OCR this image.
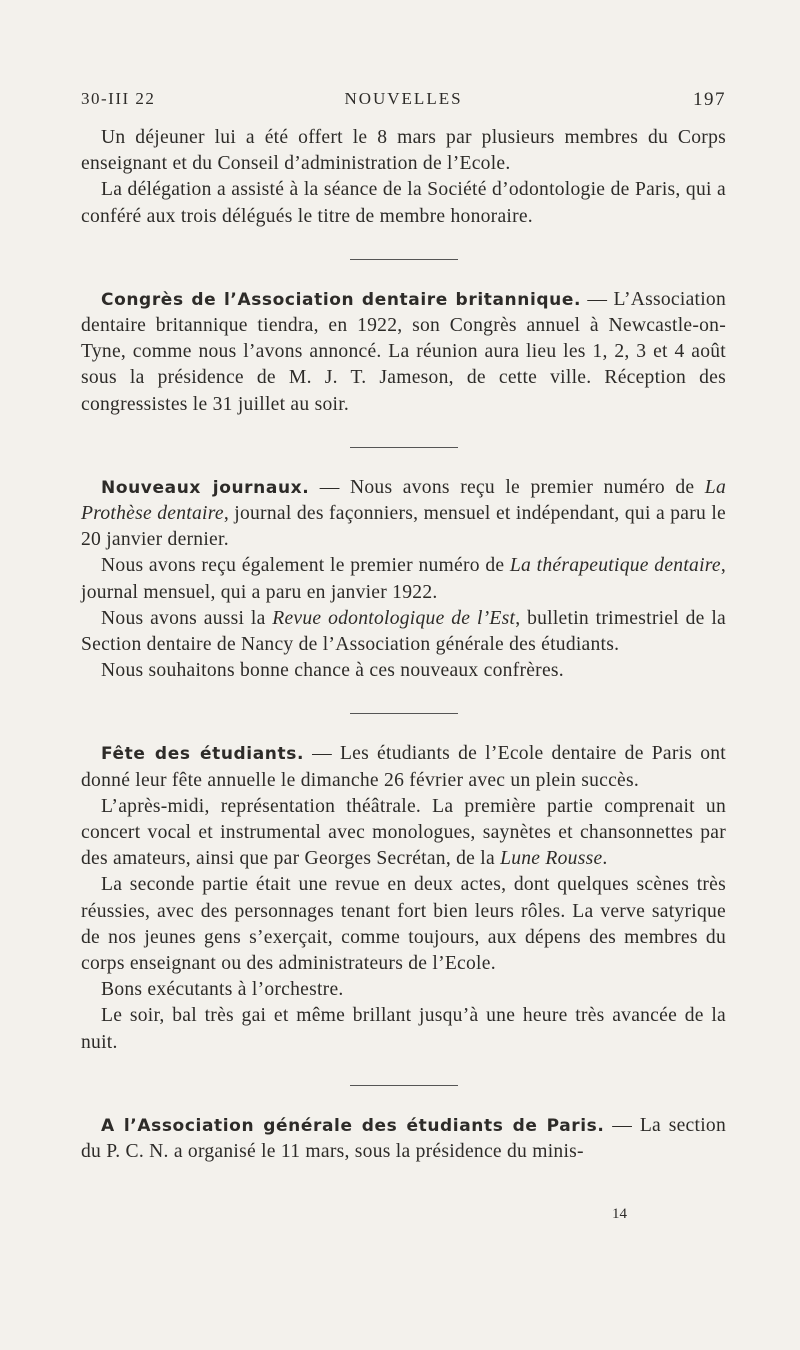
30-III 22	NOUVELLES	197

Un déjeuner lui a été offert le 8 mars par plusieurs membres du Corps enseignant et du Conseil d’administration de l’Ecole.

La délégation a assisté à la séance de la Société d’odontologie de Paris, qui a conféré aux trois délégués le titre de membre honoraire.

Congrès de l’Association dentaire britannique. — L’Association dentaire britannique tiendra, en 1922, son Congrès annuel à Newcastle-on-Tyne, comme nous l’avons annoncé. La réunion aura lieu les 1, 2, 3 et 4 août sous la présidence de M. J. T. Jameson, de cette ville. Réception des congressistes le 31 juillet au soir.

Nouveaux journaux. — Nous avons reçu le premier numéro de La Prothèse dentaire, journal des façonniers, mensuel et indépendant, qui a paru le 20 janvier dernier.

Nous avons reçu également le premier numéro de La thérapeutique dentaire, journal mensuel, qui a paru en janvier 1922.

Nous avons aussi la Revue odontologique de l’Est, bulletin trimestriel de la Section dentaire de Nancy de l’Association générale des étudiants.

Nous souhaitons bonne chance à ces nouveaux confrères.

Fête des étudiants. — Les étudiants de l’Ecole dentaire de Paris ont donné leur fête annuelle le dimanche 26 février avec un plein succès.

L’après-midi, représentation théâtrale. La première partie comprenait un concert vocal et instrumental avec monologues, saynètes et chansonnettes par des amateurs, ainsi que par Georges Secrétan, de la Lune Rousse.

La seconde partie était une revue en deux actes, dont quelques scènes très réussies, avec des personnages tenant fort bien leurs rôles. La verve satyrique de nos jeunes gens s’exerçait, comme toujours, aux dépens des membres du corps enseignant ou des administrateurs de l’Ecole.

Bons exécutants à l’orchestre.

Le soir, bal très gai et même brillant jusqu’à une heure très avancée de la nuit.

A l’Association générale des étudiants de Paris. — La section du P. C. N. a organisé le 11 mars, sous la présidence du minis-

14
